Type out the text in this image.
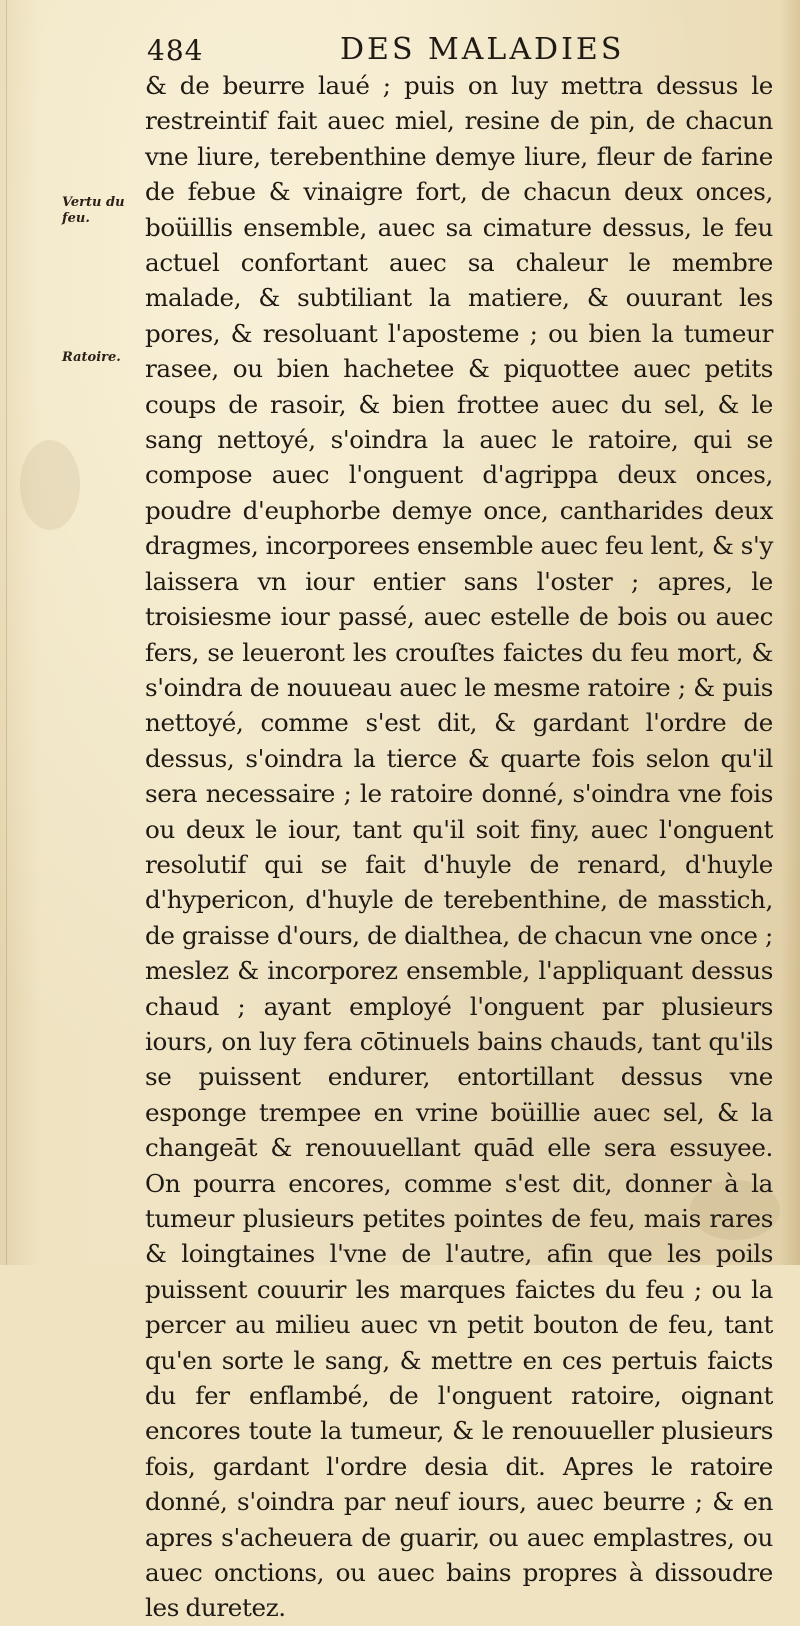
484	DES MALADIES
Vertu du feu.
Ratoire.

& de beurre laué ; puis on luy mettra dessus le restreintif fait auec miel, resine de pin, de chacun vne liure, terebenthine demye liure, fleur de farine de febue & vinaigre fort, de chacun deux onces, boüillis ensemble, auec sa cimature dessus, le feu actuel confortant auec sa chaleur le membre malade, & subtiliant la matiere, & ouurant les pores, & resoluant l'aposteme ; ou bien la tumeur rasee, ou bien hachetee & piquottee auec petits coups de rasoir, & bien frottee auec du sel, & le sang nettoyé, s'oindra la auec le ratoire, qui se compose auec l'onguent d'agrippa deux onces, poudre d'euphorbe demye once, cantharides deux dragmes, incorporees ensemble auec feu lent, & s'y laissera vn iour entier sans l'oster ; apres, le troisiesme iour passé, auec estelle de bois ou auec fers, se leueront les crouſtes faictes du feu mort, & s'oindra de nouueau auec le mesme ratoire ; & puis nettoyé, comme s'est dit, & gardant l'ordre de dessus, s'oindra la tierce & quarte fois selon qu'il sera necessaire ; le ratoire donné, s'oindra vne fois ou deux le iour, tant qu'il soit finy, auec l'onguent resolutif qui se fait d'huyle de renard, d'huyle d'hypericon, d'huyle de terebenthine, de masstich, de graisse d'ours, de dialthea, de chacun vne once ; meslez & incorporez ensemble, l'appliquant dessus chaud ; ayant employé l'onguent par plusieurs iours, on luy fera cōtinuels bains chauds, tant qu'ils se puissent endurer, entortillant dessus vne esponge trempee en vrine boüillie auec sel, & la changeāt & renouuellant quād elle sera essuyee. On pourra encores, comme s'est dit, donner à la tumeur plusieurs petites pointes de feu, mais rares & loingtaines l'vne de l'autre, afin que les poils puissent couurir les marques faictes du feu ; ou la percer au milieu auec vn petit bouton de feu, tant qu'en sorte le sang, & mettre en ces pertuis faicts du fer enflambé, de l'onguent ratoire, oignant encores toute la tumeur, & le renouueller plusieurs fois, gardant l'ordre desia dit. Apres le ratoire donné, s'oindra par neuf iours, auec beurre ; & en apres s'acheuera de guarir, ou auec emplastres, ou auec onctions, ou auec bains propres à dissoudre les duretez.
